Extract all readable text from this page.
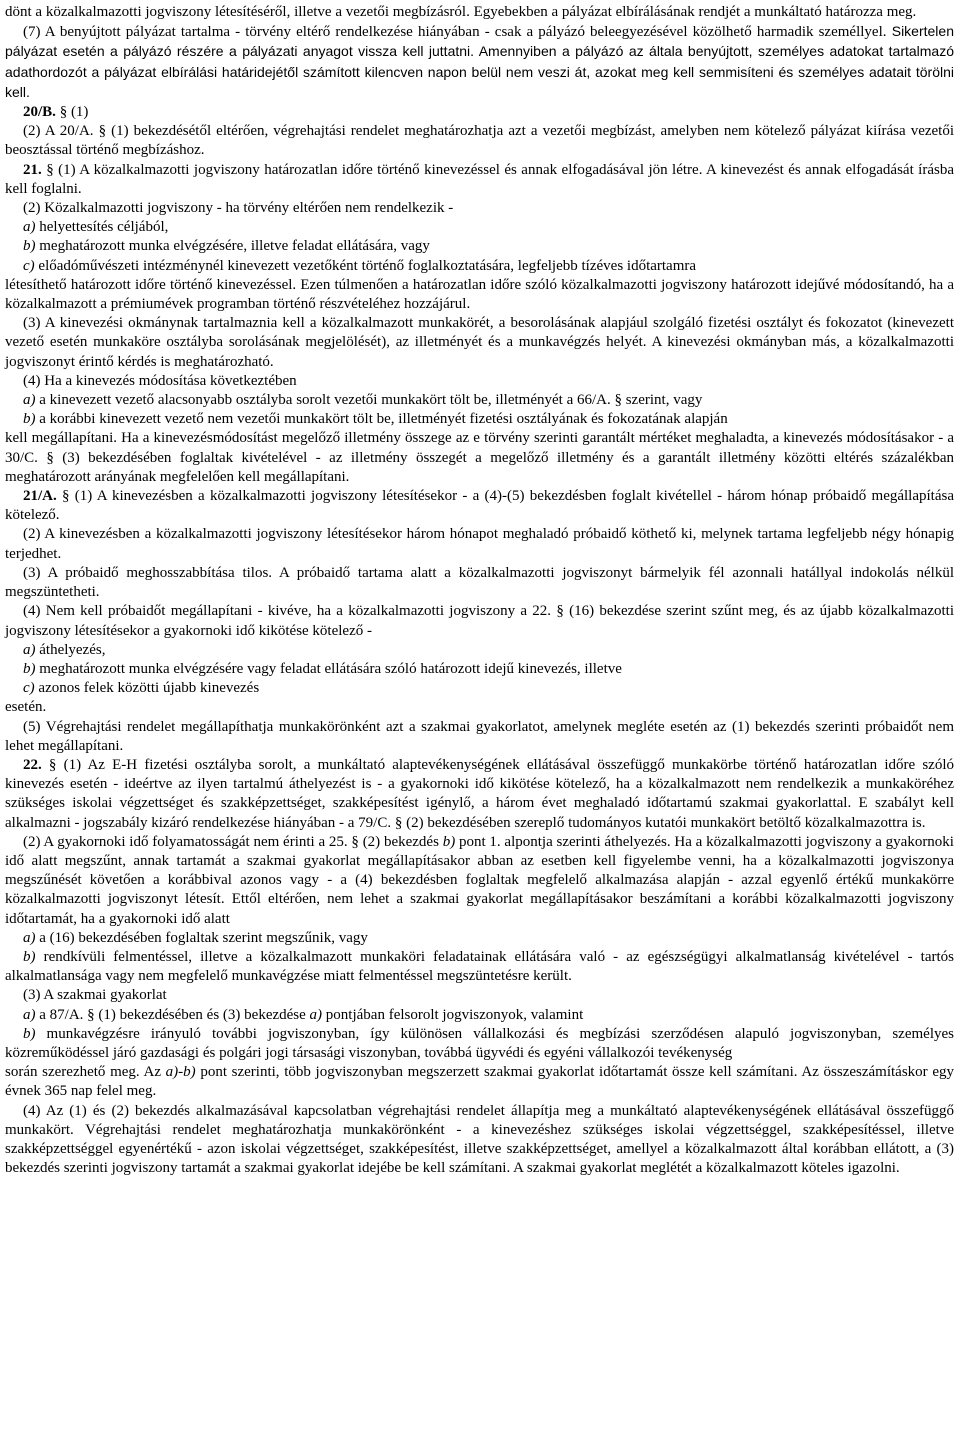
dönt a közalkalmazotti jogviszony létesítéséről, illetve a vezetői megbízásról. Egyebekben a pályázat elbírálásának rendjét a munkáltató határozza meg.

(7) A benyújtott pályázat tartalma - törvény eltérő rendelkezése hiányában - csak a pályázó beleegyezésével közölhető harmadik személlyel. Sikertelen pályázat esetén a pályázó részére a pályázati anyagot vissza kell juttatni. Amennyiben a pályázó az általa benyújtott, személyes adatokat tartalmazó adathordozót a pályázat elbírálási határidejétől számított kilencven napon belül nem veszi át, azokat meg kell semmisíteni és személyes adatait törölni kell.

20/B. § (1)

(2) A 20/A. § (1) bekezdésétől eltérően, végrehajtási rendelet meghatározhatja azt a vezetői megbízást, amelyben nem kötelező pályázat kiírása vezetői beosztással történő megbízáshoz.

21. § (1) A közalkalmazotti jogviszony határozatlan időre történő kinevezéssel és annak elfogadásával jön létre. A kinevezést és annak elfogadását írásba kell foglalni.

(2) Közalkalmazotti jogviszony - ha törvény eltérően nem rendelkezik -

a) helyettesítés céljából,

b) meghatározott munka elvégzésére, illetve feladat ellátására, vagy

c) előadóművészeti intézménynél kinevezett vezetőként történő foglalkoztatására, legfeljebb tízéves időtartamra

létesíthető határozott időre történő kinevezéssel. Ezen túlmenően a határozatlan időre szóló közalkalmazotti jogviszony határozott idejűvé módosítandó, ha a közalkalmazott a prémiumévek programban történő részvételéhez hozzájárul.

(3) A kinevezési okmánynak tartalmaznia kell a közalkalmazott munkakörét, a besorolásának alapjául szolgáló fizetési osztályt és fokozatot (kinevezett vezető esetén munkaköre osztályba sorolásának megjelölését), az illetményét és a munkavégzés helyét. A kinevezési okmányban más, a közalkalmazotti jogviszonyt érintő kérdés is meghatározható.

(4) Ha a kinevezés módosítása következtében

a) a kinevezett vezető alacsonyabb osztályba sorolt vezetői munkakört tölt be, illetményét a 66/A. § szerint, vagy

b) a korábbi kinevezett vezető nem vezetői munkakört tölt be, illetményét fizetési osztályának és fokozatának alapján

kell megállapítani. Ha a kinevezésmódosítást megelőző illetmény összege az e törvény szerinti garantált mértéket meghaladta, a kinevezés módosításakor - a 30/C. § (3) bekezdésében foglaltak kivételével - az illetmény összegét a megelőző illetmény és a garantált illetmény közötti eltérés százalékban meghatározott arányának megfelelően kell megállapítani.

21/A. § (1) A kinevezésben a közalkalmazotti jogviszony létesítésekor - a (4)-(5) bekezdésben foglalt kivétellel - három hónap próbaidő megállapítása kötelező.

(2) A kinevezésben a közalkalmazotti jogviszony létesítésekor három hónapot meghaladó próbaidő köthető ki, melynek tartama legfeljebb négy hónapig terjedhet.

(3) A próbaidő meghosszabbítása tilos. A próbaidő tartama alatt a közalkalmazotti jogviszonyt bármelyik fél azonnali hatállyal indokolás nélkül megszüntetheti.

(4) Nem kell próbaidőt megállapítani - kivéve, ha a közalkalmazotti jogviszony a 22. § (16) bekezdése szerint szűnt meg, és az újabb közalkalmazotti jogviszony létesítésekor a gyakornoki idő kikötése kötelező -

a) áthelyezés,

b) meghatározott munka elvégzésére vagy feladat ellátására szóló határozott idejű kinevezés, illetve

c) azonos felek közötti újabb kinevezés

esetén.

(5) Végrehajtási rendelet megállapíthatja munkakörönként azt a szakmai gyakorlatot, amelynek megléte esetén az (1) bekezdés szerinti próbaidőt nem lehet megállapítani.

22. § (1) Az E-H fizetési osztályba sorolt, a munkáltató alaptevékenységének ellátásával összefüggő munkakörbe történő határozatlan időre szóló kinevezés esetén - ideértve az ilyen tartalmú áthelyezést is - a gyakornoki idő kikötése kötelező, ha a közalkalmazott nem rendelkezik a munkaköréhez szükséges iskolai végzettséget és szakképzettséget, szakképesítést igénylő, a három évet meghaladó időtartamú szakmai gyakorlattal. E szabályt kell alkalmazni - jogszabály kizáró rendelkezése hiányában - a 79/C. § (2) bekezdésében szereplő tudományos kutatói munkakört betöltő közalkalmazottra is.

(2) A gyakornoki idő folyamatosságát nem érinti a 25. § (2) bekezdés b) pont 1. alpontja szerinti áthelyezés. Ha a közalkalmazotti jogviszony a gyakornoki idő alatt megszűnt, annak tartamát a szakmai gyakorlat megállapításakor abban az esetben kell figyelembe venni, ha a közalkalmazotti jogviszonya megszűnését követően a korábbival azonos vagy - a (4) bekezdésben foglaltak megfelelő alkalmazása alapján - azzal egyenlő értékű munkakörre közalkalmazotti jogviszonyt létesít. Ettől eltérően, nem lehet a szakmai gyakorlat megállapításakor beszámítani a korábbi közalkalmazotti jogviszony időtartamát, ha a gyakornoki idő alatt

a) a (16) bekezdésében foglaltak szerint megszűnik, vagy

b) rendkívüli felmentéssel, illetve a közalkalmazott munkaköri feladatainak ellátására való - az egészségügyi alkalmatlanság kivételével - tartós alkalmatlansága vagy nem megfelelő munkavégzése miatt felmentéssel megszüntetésre került.

(3) A szakmai gyakorlat

a) a 87/A. § (1) bekezdésében és (3) bekezdése a) pontjában felsorolt jogviszonyok, valamint

b) munkavégzésre irányuló további jogviszonyban, így különösen vállalkozási és megbízási szerződésen alapuló jogviszonyban, személyes közreműködéssel járó gazdasági és polgári jogi társasági viszonyban, továbbá ügyvédi és egyéni vállalkozói tevékenység

során szerezhető meg. Az a)-b) pont szerinti, több jogviszonyban megszerzett szakmai gyakorlat időtartamát össze kell számítani. Az összeszámításkor egy évnek 365 nap felel meg.

(4) Az (1) és (2) bekezdés alkalmazásával kapcsolatban végrehajtási rendelet állapítja meg a munkáltató alaptevékenységének ellátásával összefüggő munkakört. Végrehajtási rendelet meghatározhatja munkakörönként - a kinevezéshez szükséges iskolai végzettséggel, szakképesítéssel, illetve szakképzettséggel egyenértékű - azon iskolai végzettséget, szakképesítést, illetve szakképzettséget, amellyel a közalkalmazott által korábban ellátott, a (3) bekezdés szerinti jogviszony tartamát a szakmai gyakorlat idejébe be kell számítani. A szakmai gyakorlat meglétét a közalkalmazott köteles igazolni.
